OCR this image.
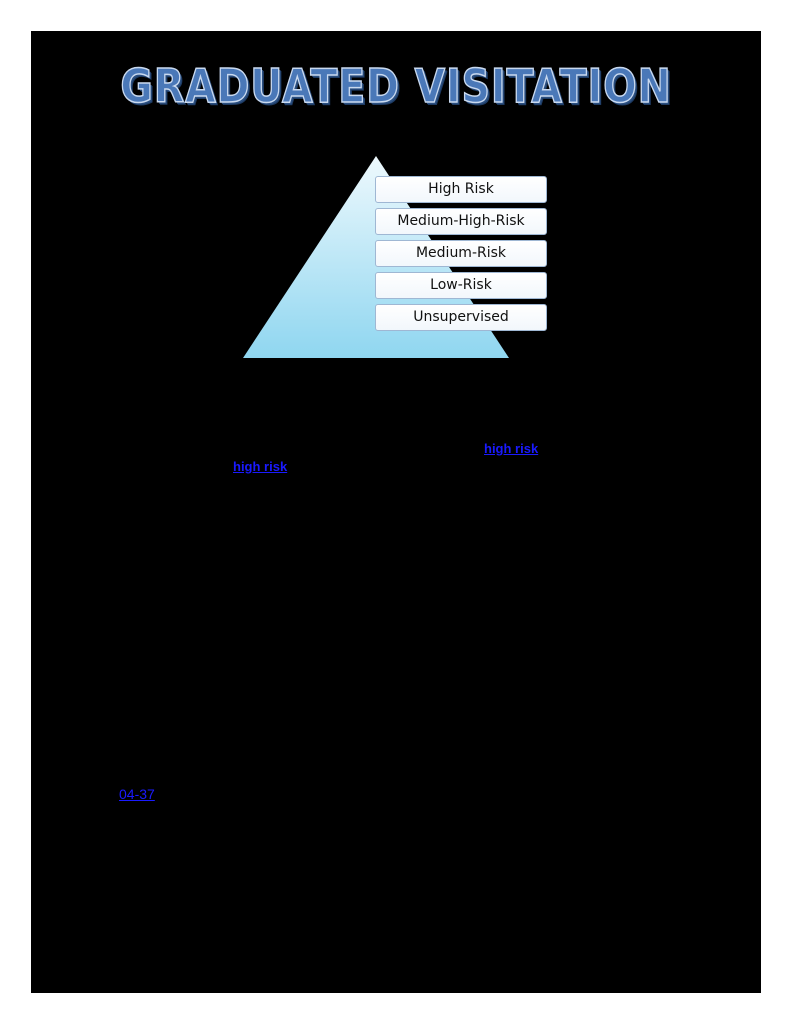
GRADUATED VISITATION
High Risk
Medium-High-Risk
Medium-Risk
Low-Risk
Unsupervised
high risk
high risk
04-37
